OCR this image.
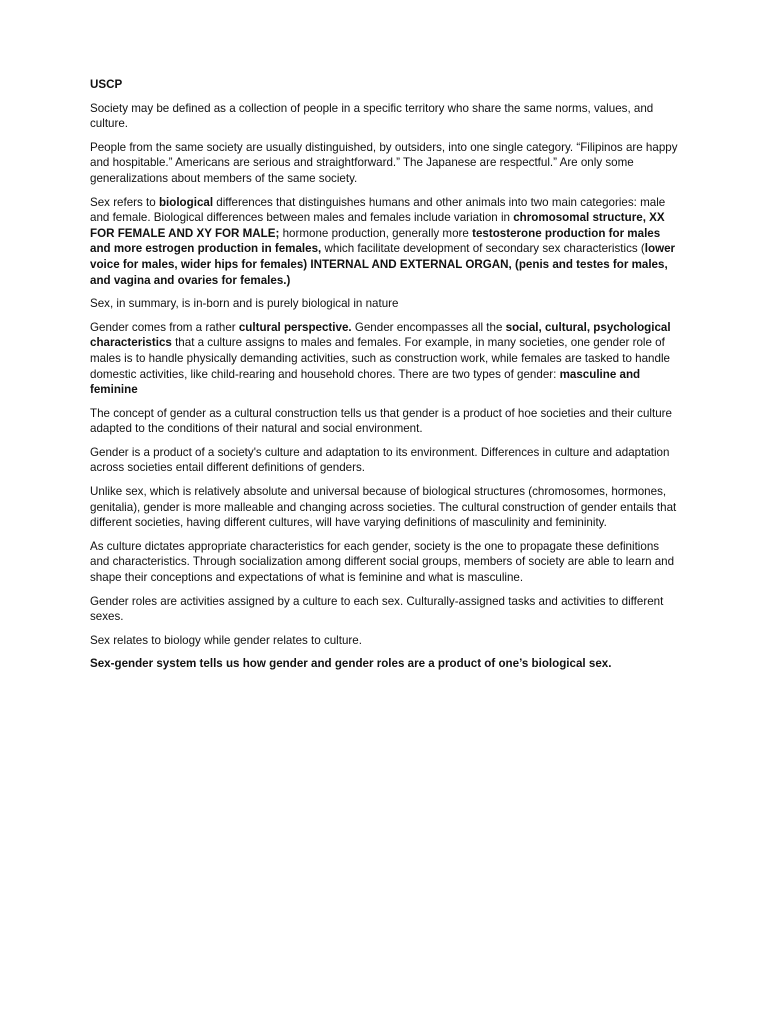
USCP

Society may be defined as a collection of people in a specific territory who share the same norms, values, and culture.

People from the same society are usually distinguished, by outsiders, into one single category. “Filipinos are happy and hospitable.” Americans are serious and straightforward.” The Japanese are respectful.” Are only some generalizations about members of the same society.

Sex refers to biological differences that distinguishes humans and other animals into two main categories: male and female. Biological differences between males and females include variation in chromosomal structure, XX FOR FEMALE AND XY FOR MALE; hormone production, generally more testosterone production for males and more estrogen production in females, which facilitate development of secondary sex characteristics (lower voice for males, wider hips for females) INTERNAL AND EXTERNAL ORGAN, (penis and testes for males, and vagina and ovaries for females.)

Sex, in summary, is in-born and is purely biological in nature

Gender comes from a rather cultural perspective. Gender encompasses all the social, cultural, psychological characteristics that a culture assigns to males and females. For example, in many societies, one gender role of males is to handle physically demanding activities, such as construction work, while females are tasked to handle domestic activities, like child-rearing and household chores. There are two types of gender: masculine and feminine

The concept of gender as a cultural construction tells us that gender is a product of hoe societies and their culture adapted to the conditions of their natural and social environment.

Gender is a product of a society's culture and adaptation to its environment. Differences in culture and adaptation across societies entail different definitions of genders.

Unlike sex, which is relatively absolute and universal because of biological structures (chromosomes, hormones, genitalia), gender is more malleable and changing across societies. The cultural construction of gender entails that different societies, having different cultures, will have varying definitions of masculinity and femininity.

As culture dictates appropriate characteristics for each gender, society is the one to propagate these definitions and characteristics. Through socialization among different social groups, members of society are able to learn and shape their conceptions and expectations of what is feminine and what is masculine.

Gender roles are activities assigned by a culture to each sex. Culturally-assigned tasks and activities to different sexes.

Sex relates to biology while gender relates to culture.

Sex-gender system tells us how gender and gender roles are a product of one’s biological sex.
